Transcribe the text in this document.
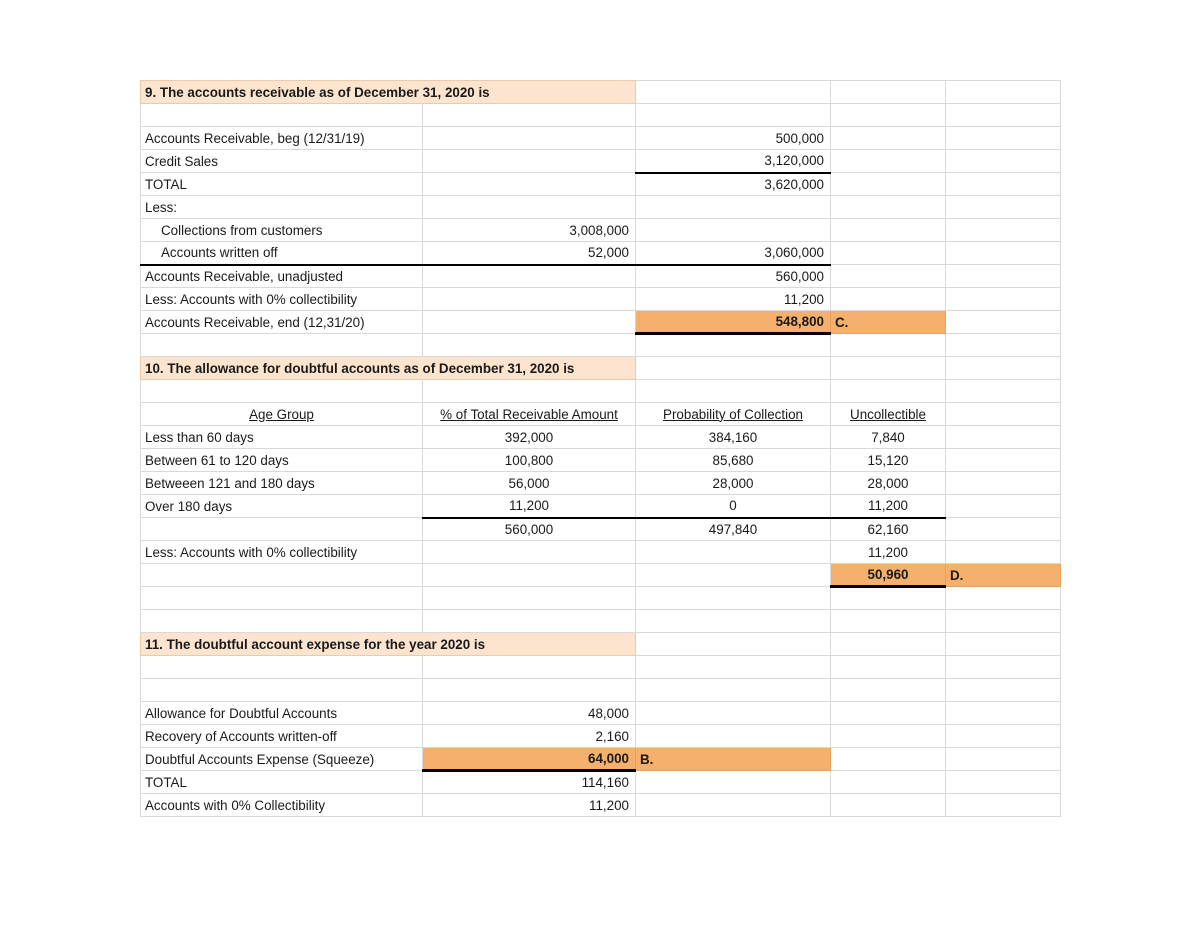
9. The accounts receivable as of December 31, 2020 is				

Accounts Receivable, beg (12/31/19)		500,000		
Credit Sales		3,120,000		
TOTAL		3,620,000		
Less:				
Collections from customers	3,008,000			
Accounts written off	52,000	3,060,000		
Accounts Receivable, unadjusted		560,000		
Less: Accounts with 0% collectibility		11,200		
Accounts Receivable, end (12,31/20)		548,800	C.	

10. The allowance for doubtful accounts as of December 31, 2020 is				

Age Group	% of Total Receivable Amount	Probability of Collection	Uncollectible	
Less than 60 days	392,000	384,160	7,840	
Between 61 to 120 days	100,800	85,680	15,120	
Betweeen 121 and 180 days	56,000	28,000	28,000	
Over 180 days	11,200	0	11,200	
	560,000	497,840	62,160	
Less: Accounts with 0% collectibility			11,200	
			50,960	D.

11. The doubtful account expense for the year 2020 is				

Allowance for Doubtful Accounts	48,000			
Recovery of Accounts written-off	2,160			
Doubtful Accounts Expense (Squeeze)	64,000	B.		
TOTAL	114,160			
Accounts with 0% Collectibility	11,200			
